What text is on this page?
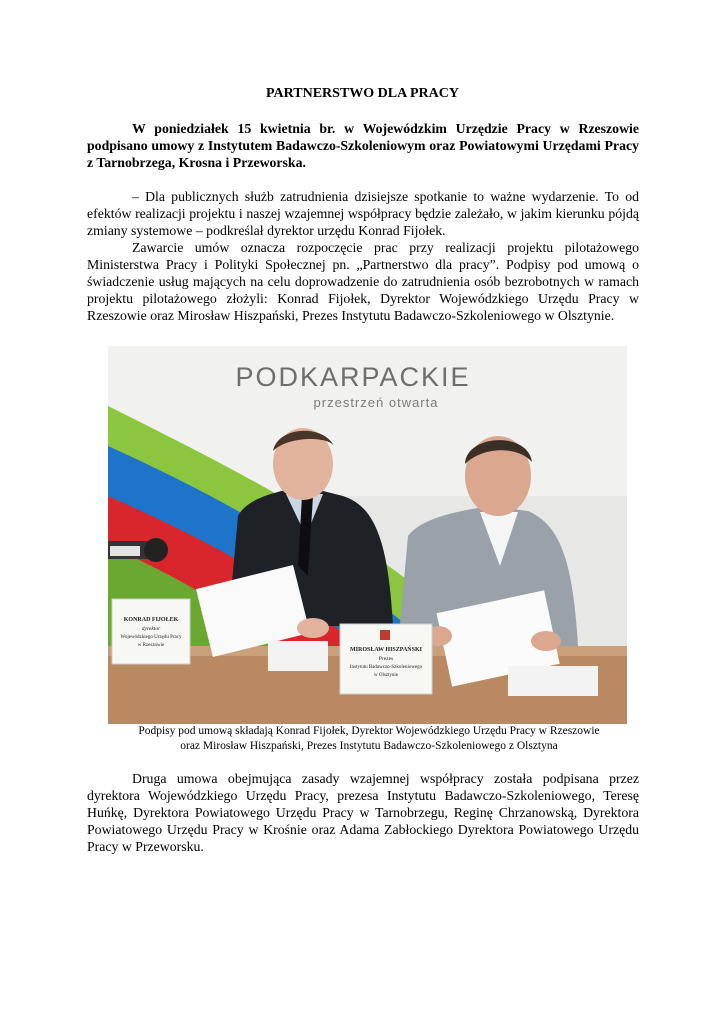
PARTNERSTWO DLA PRACY

W poniedziałek 15 kwietnia br. w Wojewódzkim Urzędzie Pracy w Rzeszowie podpisano umowy z Instytutem Badawczo-Szkoleniowym oraz Powiatowymi Urzędami Pracy z Tarnobrzega, Krosna i Przeworska.

– Dla publicznych służb zatrudnienia dzisiejsze spotkanie to ważne wydarzenie. To od efektów realizacji projektu i naszej wzajemnej współpracy będzie zależało, w jakim kierunku pójdą zmiany systemowe – podkreślał dyrektor urzędu Konrad Fijołek.

Zawarcie umów oznacza rozpoczęcie prac przy realizacji projektu pilotażowego Ministerstwa Pracy i Polityki Społecznej pn. „Partnerstwo dla pracy”. Podpisy pod umową o świadczenie usług mających na celu doprowadzenie do zatrudnienia osób bezrobotnych w ramach projektu pilotażowego złożyli: Konrad Fijołek, Dyrektor Wojewódzkiego Urzędu Pracy w Rzeszowie oraz Mirosław Hiszpański, Prezes Instytutu Badawczo-Szkoleniowego w Olsztynie.

PODKARPACKIE
przestrzeń otwarta
KONRAD FIJOŁEK
dyrektor
Wojewódzkiego Urzędu Pracy
w Rzeszowie
MIROSŁAW HISZPAŃSKI
Prezes
Instytutu Badawczo-Szkoleniowego
w Olsztynie
Podpisy pod umową składają Konrad Fijołek, Dyrektor Wojewódzkiego Urzędu Pracy w Rzeszowie
oraz Mirosław Hiszpański, Prezes Instytutu Badawczo-Szkoleniowego z Olsztyna

Druga umowa obejmująca zasady wzajemnej współpracy została podpisana przez dyrektora Wojewódzkiego Urzędu Pracy, prezesa Instytutu Badawczo-Szkoleniowego, Teresę Huńkę, Dyrektora Powiatowego Urzędu Pracy w Tarnobrzegu, Reginę Chrzanowską, Dyrektora Powiatowego Urzędu Pracy w Krośnie oraz Adama Zabłockiego Dyrektora Powiatowego Urzędu Pracy w Przeworsku.
